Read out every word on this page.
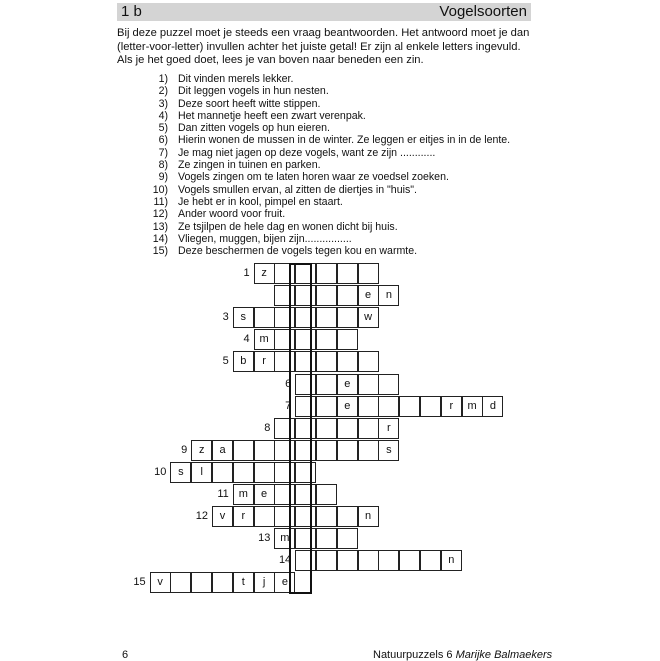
1 b	Vogelsoorten

Bij deze puzzel moet je steeds een vraag beantwoorden. Het antwoord moet je dan (letter-voor-letter) invullen achter het juiste getal! Er zijn al enkele letters ingevuld. Als je het goed doet, lees je van boven naar beneden een zin.

1) Dit vinden merels lekker.
2) Dit leggen vogels in hun nesten.
3) Deze soort heeft witte stippen.
4) Het mannetje heeft een zwart verenpak.
5) Dan zitten vogels op hun eieren.
6) Hierin wonen de mussen in de winter. Ze leggen er eitjes in in de lente.
7) Je mag niet jagen op deze vogels, want ze zijn ............
8) Ze zingen in tuinen en parken.
9) Vogels zingen om te laten horen waar ze voedsel zoeken.
10) Vogels smullen ervan, al zitten de diertjes in "huis".
11) Je hebt er in kool, pimpel en staart.
12) Ander woord voor fruit.
13) Ze tsjilpen de hele dag en wonen dicht bij huis.
14) Vliegen, muggen, bijen zijn................
15) Deze beschermen de vogels tegen kou en warmte.
1	z
e	n
3	s	w
4 m
5	b	r
6	e
7	e	r	m	d
8	r
9	z	a	s
10	s	l
11 m	e
12	v	r	n
13 m
14	n
15	v	t	j	e
6	Natuurpuzzels 6 Marijke Balmaekers
